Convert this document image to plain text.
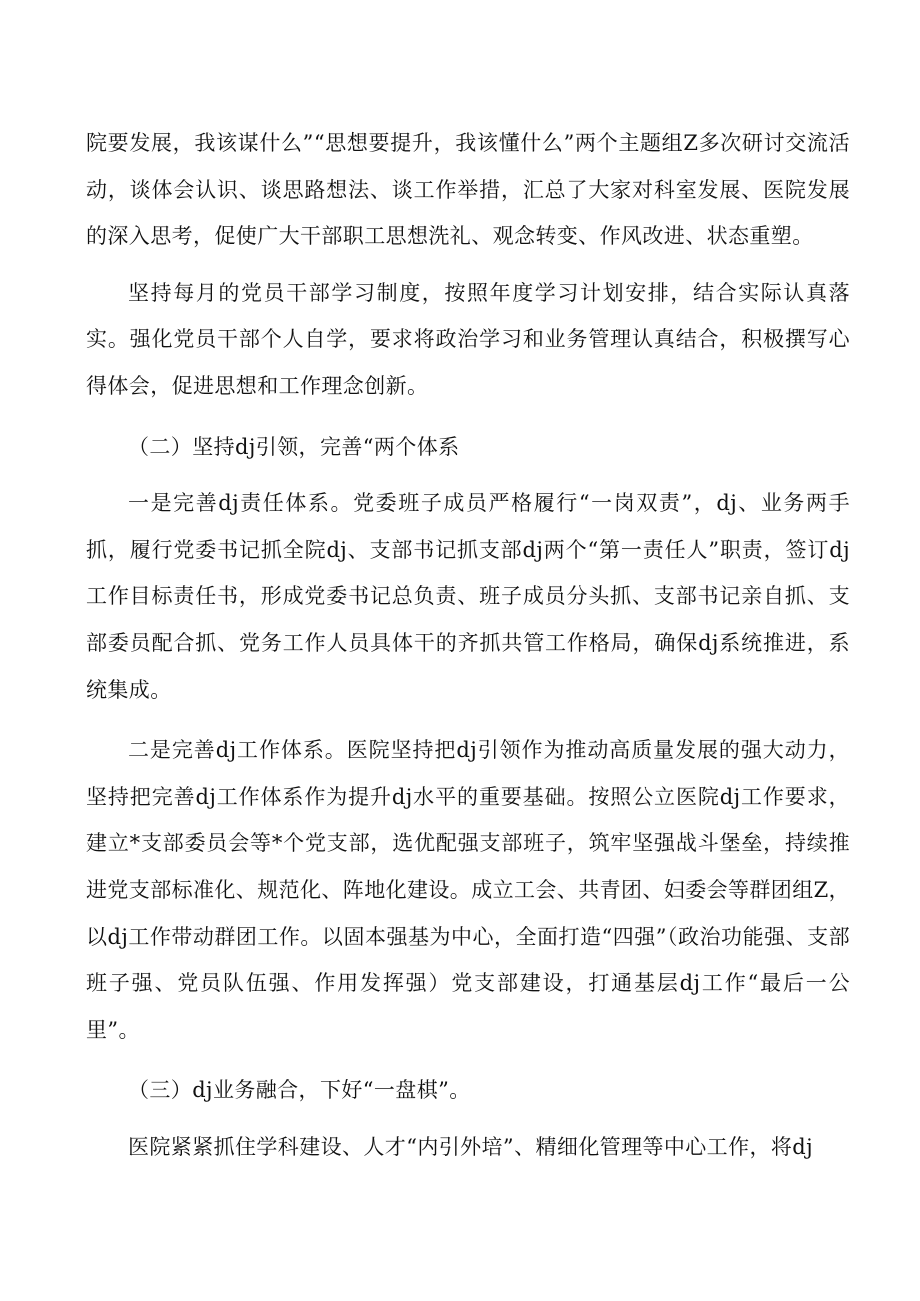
院要发展，我该谋什么”“思想要提升，我该懂什么”两个主题组Z多次研讨交流活动，谈体会认识、谈思路想法、谈工作举措，汇总了大家对科室发展、医院发展的深入思考，促使广大干部职工思想洗礼、观念转变、作风改进、状态重塑。

坚持每月的党员干部学习制度，按照年度学习计划安排，结合实际认真落实。强化党员干部个人自学，要求将政治学习和业务管理认真结合，积极撰写心得体会，促进思想和工作理念创新。

（二）坚持dj引领，完善“两个体系

一是完善dj责任体系。党委班子成员严格履行“一岗双责”，dj、业务两手抓，履行党委书记抓全院dj、支部书记抓支部dj两个“第一责任人”职责，签订dj工作目标责任书，形成党委书记总负责、班子成员分头抓、支部书记亲自抓、支部委员配合抓、党务工作人员具体干的齐抓共管工作格局，确保dj系统推进，系统集成。

二是完善dj工作体系。医院坚持把dj引领作为推动高质量发展的强大动力，坚持把完善dj工作体系作为提升dj水平的重要基础。按照公立医院dj工作要求，建立*支部委员会等*个党支部，选优配强支部班子，筑牢坚强战斗堡垒，持续推进党支部标准化、规范化、阵地化建设。成立工会、共青团、妇委会等群团组Z，以dj工作带动群团工作。以固本强基为中心，全面打造“四强”（政治功能强、支部班子强、党员队伍强、作用发挥强）党支部建设，打通基层dj工作“最后一公里”。

（三）dj业务融合，下好“一盘棋”。

医院紧紧抓住学科建设、人才“内引外培”、精细化管理等中心工作，将dj
